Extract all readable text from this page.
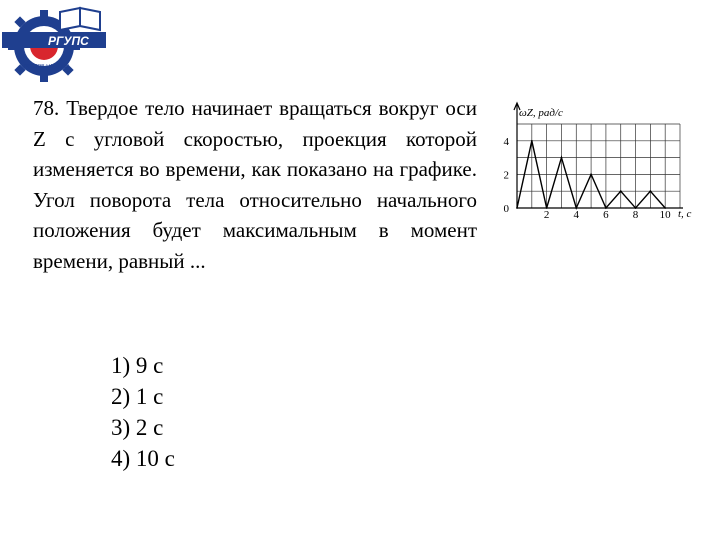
РГУПС
РОСТОВ-НА-ДОНУ

78. Твердое тело начинает вращаться вокруг оси Z с угловой скоростью, проекция которой изменяется во времени, как показано на графике. Угол поворота тела относительно начального положения будет максимальным в момент времени, равный ...

1) 9 с
2) 1 с
3) 2 с
4) 10 с
2 4 6 8 10
0
2
4
ωZ, рад/с
t, с
